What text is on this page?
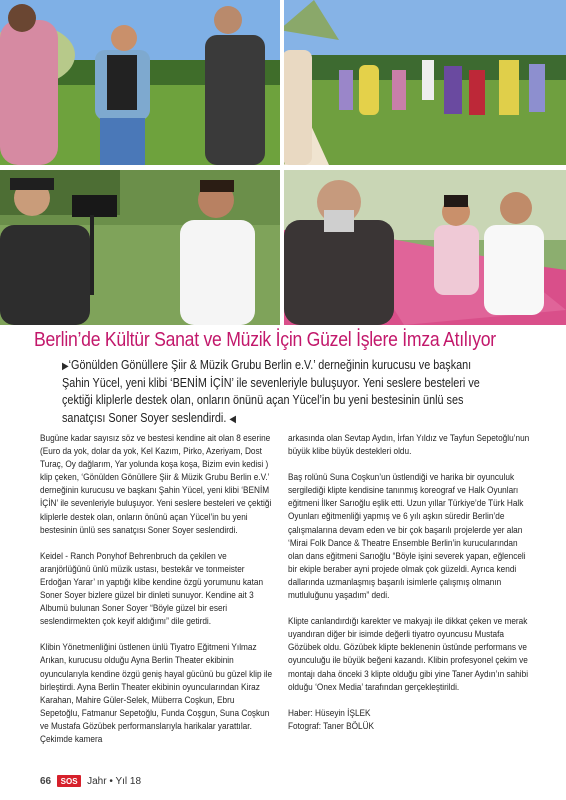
Berlin’de Kültür Sanat ve Müzik İçin Güzel İşlere İmza Atılıyor
▶‘Gönülden Gönüllere Şiir & Müzik Grubu Berlin e.V.’ derneğinin kurucusu ve başkanı
Şahin Yücel, yeni klibi ‘BENİM İÇİN’ ile sevenleriyle buluşuyor. Yeni seslere besteleri ve
çektiği kliplerle destek olan, onların önünü açan Yücel’in bu yeni bestesinin ünlü ses
sanatçısı Soner Soyer seslendirdi. ◀

Bugüne kadar sayısız söz ve bestesi kendine ait olan 8 eserine (Euro da yok, dolar da yok, Kel Kazım, Pirko, Azeriyam, Dost Turaç, Oy dağlarım, Yar yolunda koşa koşa, Bizim evin kedisi ) klip çeken, ‘Gönülden Gönüllere Şiir & Müzik Grubu Berlin e.V.’ derneğinin kurucusu ve başkanı Şahin Yücel, yeni klibi ‘BENİM İÇİN’ ile sevenleriyle buluşuyor. Yeni seslere besteleri ve çektiği kliplerle destek olan, onların önünü açan Yücel’in bu yeni bestesinin ünlü ses sanatçısı Soner Soyer seslendirdi.

Keidel - Ranch Ponyhof Behrenbruch da çekilen ve aranjörlüğünü ünlü müzik ustası, bestekâr ve tonmeister Erdoğan Yarar’ ın yaptığı klibe kendine özgü yorumunu katan Soner Soyer bizlere güzel bir dinleti sunuyor. Kendine ait 3 Albumü bulunan Soner Soyer “Böyle güzel bir eseri seslendirmekten çok keyif aldığımı” dile getirdi.

Klibin Yönetmenliğini üstlenen ünlü Tiyatro Eğitmeni Yılmaz Arıkan, kurucusu olduğu Ayna Berlin Theater ekibinin oyuncularıyla kendine özgü geniş hayal gücünü bu güzel klip ile birleştirdi. Ayna Berlin Theater ekibinin oyuncularından Kiraz Karahan, Mahire Güler-Selek, Müberra Coşkun, Ebru Sepetoğlu, Fatmanur Sepetoğlu, Funda Coşgun, Suna Coşkun ve Mustafa Gözübek performanslarıyla harikalar yarattılar. Çekimde kamera

arkasında olan Sevtap Aydın, İrfan Yıldız ve Tayfun Sepetoğlu’nun büyük klibe büyük destekleri oldu.

Baş rolünü Suna Coşkun’un üstlendiği ve harika bir oyunculuk sergilediği klipte kendisine tanınmış koreograf ve Halk Oyunları eğitmeni İlker Sarıoğlu eşlik etti. Uzun yıllar Türkiye’de Türk Halk Oyunları eğitmenliği yapmış ve 6 yılı aşkın süredir Berlin’de çalışmalarına devam eden ve bir çok başarılı projelerde yer alan ‘Mirai Folk Dance & Theatre Ensemble Berlin’in kurucularından olan dans eğitmeni Sarıoğlu “Böyle işini severek yapan, eğlenceli bir ekiple beraber ayni projede olmak çok güzeldi. Ayrıca kendi dallarında uzmanlaşmış başarılı isimlerle çalışmış olmanın mutluluğunu yaşadım” dedi.

Klipte canlandırdığı karekter ve makyajı ile dikkat çeken ve merak uyandıran diğer bir isimde değerli tiyatro oyuncusu Mustafa Gözübek oldu. Gözübek klipte beklenenin üstünde performans ve oyunculuğu ile büyük beğeni kazandı. Klibin profesyonel çekim ve montajı daha önceki 3 klipte olduğu gibi yine Taner Aydın’ın sahibi olduğu ‘Onex Media’ tarafından gerçekleştirildi.

Haber: Hüseyin İŞLEK

Fotograf: Taner BÖLÜK

66	SOS Jahr • Yıl 18
